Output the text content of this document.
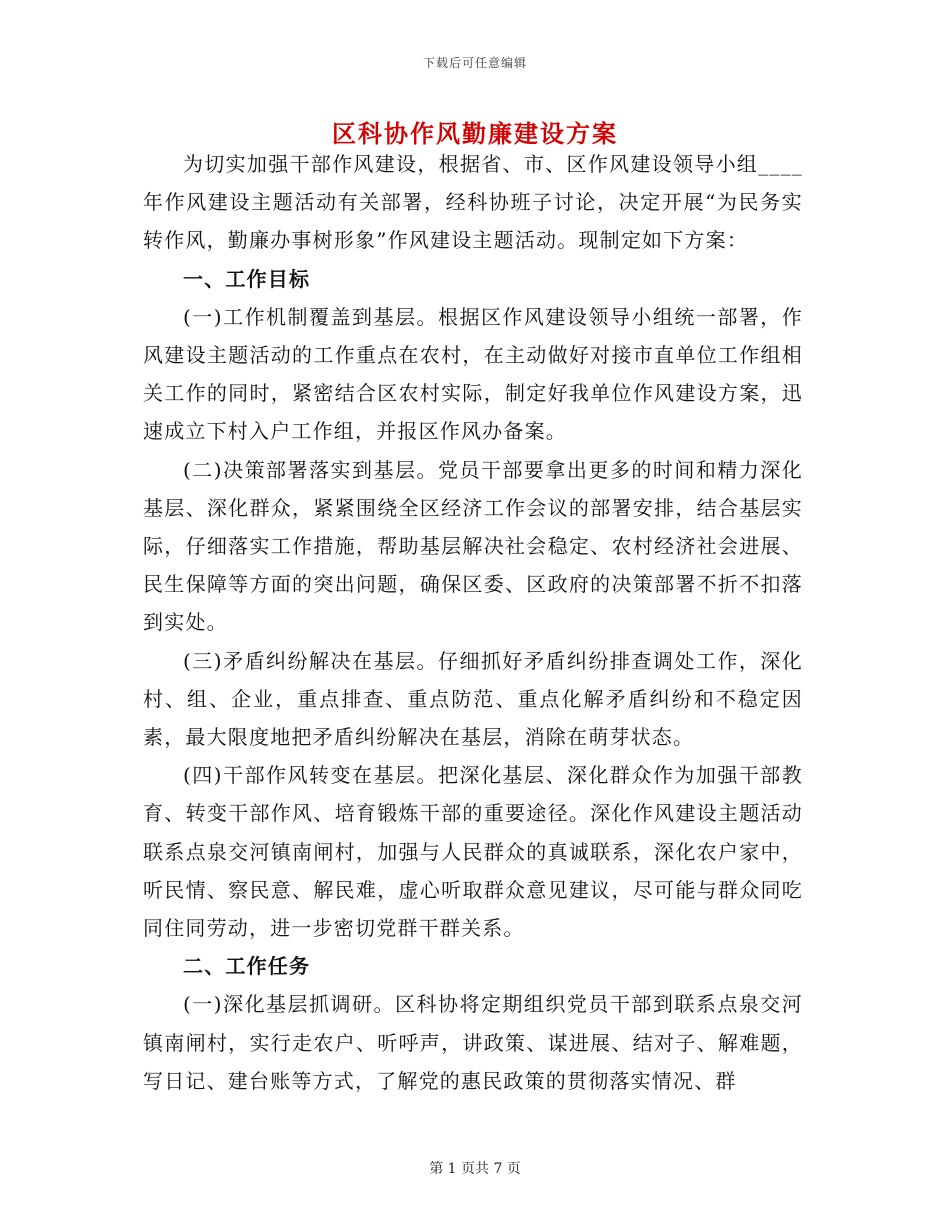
下载后可任意编辑
区科协作风勤廉建设方案

为切实加强干部作风建设，根据省、市、区作风建设领导小组____年作风建设主题活动有关部署，经科协班子讨论，决定开展“为民务实转作风，勤廉办事树形象”作风建设主题活动。现制定如下方案：

一、工作目标

(一)工作机制覆盖到基层。根据区作风建设领导小组统一部署，作风建设主题活动的工作重点在农村，在主动做好对接市直单位工作组相关工作的同时，紧密结合区农村实际，制定好我单位作风建设方案，迅速成立下村入户工作组，并报区作风办备案。

(二)决策部署落实到基层。党员干部要拿出更多的时间和精力深化基层、深化群众，紧紧围绕全区经济工作会议的部署安排，结合基层实际，仔细落实工作措施，帮助基层解决社会稳定、农村经济社会进展、民生保障等方面的突出问题，确保区委、区政府的决策部署不折不扣落到实处。

(三)矛盾纠纷解决在基层。仔细抓好矛盾纠纷排查调处工作，深化村、组、企业，重点排查、重点防范、重点化解矛盾纠纷和不稳定因素，最大限度地把矛盾纠纷解决在基层，消除在萌芽状态。

(四)干部作风转变在基层。把深化基层、深化群众作为加强干部教育、转变干部作风、培育锻炼干部的重要途径。深化作风建设主题活动联系点泉交河镇南闸村，加强与人民群众的真诚联系，深化农户家中，听民情、察民意、解民难，虚心听取群众意见建议，尽可能与群众同吃同住同劳动，进一步密切党群干群关系。

二、工作任务

(一)深化基层抓调研。区科协将定期组织党员干部到联系点泉交河镇南闸村，实行走农户、听呼声，讲政策、谋进展、结对子、解难题，写日记、建台账等方式，了解党的惠民政策的贯彻落实情况、群

第 1 页共 7 页
